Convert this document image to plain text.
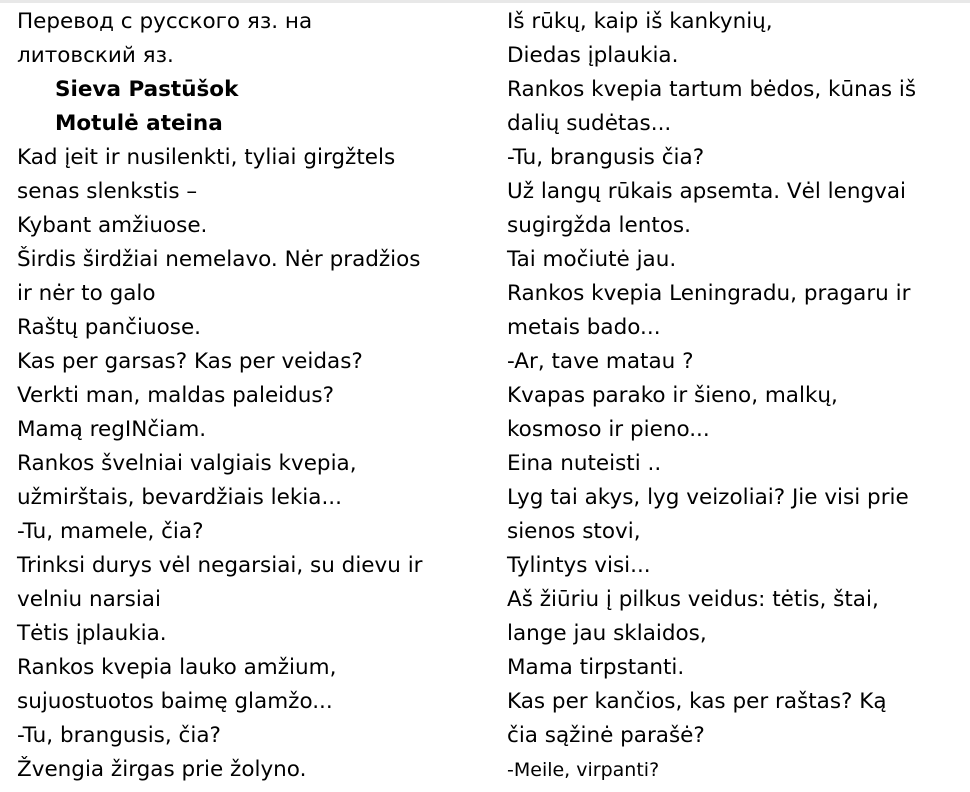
Перевод с русского яз. на
литовский яз.
Sieva Pastūšok
Motulė ateina
Kad įeit ir nusilenkti, tyliai girgžtels
senas slenkstis –
Kybant amžiuose.
Širdis širdžiai nemelavo. Nėr pradžios
ir nėr to galo
Raštų pančiuose.
Kas per garsas? Kas per veidas?
Verkti man, maldas paleidus?
Mamą regINčiam.
Rankos švelniai valgiais kvepia,
užmirštais, bevardžiais lekia...
-Tu, mamele, čia?
Trinksi durys vėl negarsiai, su dievu ir
velniu narsiai
Tėtis įplaukia.
Rankos kvepia lauko amžium,
sujuostuotos baimę glamžo...
-Tu, brangusis, čia?
Žvengia žirgas prie žolyno.
Iš rūkų, kaip iš kankynių,
Diedas įplaukia.
Rankos kvepia tartum bėdos, kūnas iš
dalių sudėtas...
-Tu, brangusis čia?
Už langų rūkais apsemta. Vėl lengvai
sugirgžda lentos.
Tai močiutė jau.
Rankos kvepia Leningradu, pragaru ir
metais bado...
-Ar, tave matau ?
Kvapas parako ir šieno, malkų,
kosmoso ir pieno...
Eina nuteisti ..
Lyg tai akys, lyg veizoliai? Jie visi prie
sienos stovi,
Tylintys visi...
Aš žiūriu į pilkus veidus: tėtis, štai,
lange jau sklaidos,
Mama tirpstanti.
Kas per kančios, kas per raštas? Ką
čia sąžinė parašė?
-Meile, virpanti?
